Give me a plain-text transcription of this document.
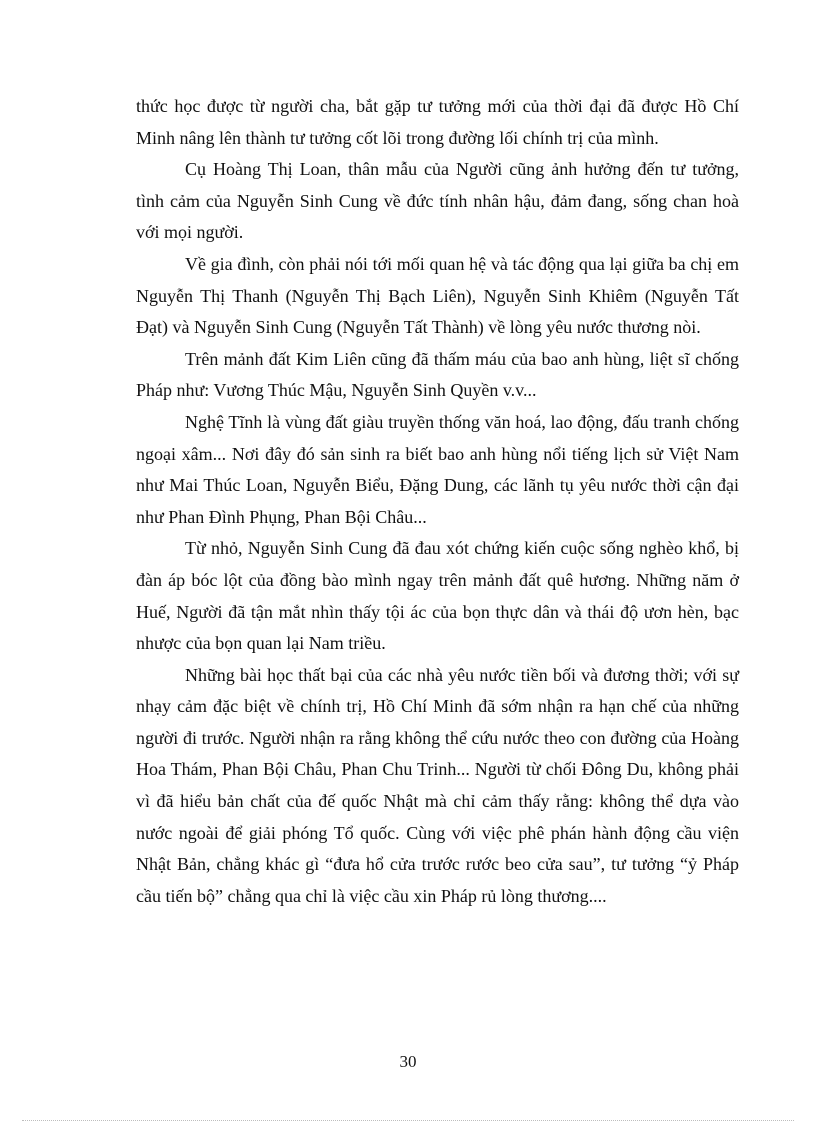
thức học được từ người cha, bắt gặp tư tưởng mới của thời đại đã được Hồ Chí Minh nâng lên thành tư tưởng cốt lõi trong đường lối chính trị của mình.

Cụ Hoàng Thị Loan, thân mẫu của Người cũng ảnh hưởng đến tư tưởng, tình cảm của Nguyễn Sinh Cung về đức tính nhân hậu, đảm đang, sống chan hoà với mọi người.

Về gia đình, còn phải nói tới mối quan hệ và tác động qua lại giữa ba chị em Nguyễn Thị Thanh (Nguyễn Thị Bạch Liên), Nguyễn Sinh Khiêm (Nguyễn Tất Đạt) và Nguyễn Sinh Cung (Nguyễn Tất Thành) về lòng yêu nước thương nòi.

Trên mảnh đất Kim Liên cũng đã thấm máu của bao anh hùng, liệt sĩ chống Pháp như: Vương Thúc Mậu, Nguyễn Sinh Quyền v.v...

Nghệ Tĩnh là vùng đất giàu truyền thống văn hoá, lao động, đấu tranh chống ngoại xâm... Nơi đây đó sản sinh ra biết bao anh hùng nổi tiếng lịch sử Việt Nam như Mai Thúc Loan, Nguyễn Biểu, Đặng Dung, các lãnh tụ yêu nước thời cận đại như Phan Đình Phụng, Phan Bội Châu...

Từ nhỏ, Nguyễn Sinh Cung đã đau xót chứng kiến cuộc sống nghèo khổ, bị đàn áp bóc lột của đồng bào mình ngay trên mảnh đất quê hương. Những năm ở Huế, Người đã tận mắt nhìn thấy tội ác của bọn thực dân và thái độ ươn hèn, bạc nhược của bọn quan lại Nam triều.

Những bài học thất bại của các nhà yêu nước tiền bối và đương thời; với sự nhạy cảm đặc biệt về chính trị, Hồ Chí Minh đã sớm nhận ra hạn chế của những người đi trước. Người nhận ra rằng không thể cứu nước theo con đường của Hoàng Hoa Thám, Phan Bội Châu, Phan Chu Trinh... Người từ chối Đông Du, không phải vì đã hiểu bản chất của đế quốc Nhật mà chỉ cảm thấy rằng: không thể dựa vào nước ngoài để giải phóng Tổ quốc. Cùng với việc phê phán hành động cầu viện Nhật Bản, chẳng khác gì “đưa hổ cửa trước rước beo cửa sau”, tư tưởng “ỷ Pháp cầu tiến bộ” chẳng qua chỉ là việc cầu xin Pháp rủ lòng thương....

30
